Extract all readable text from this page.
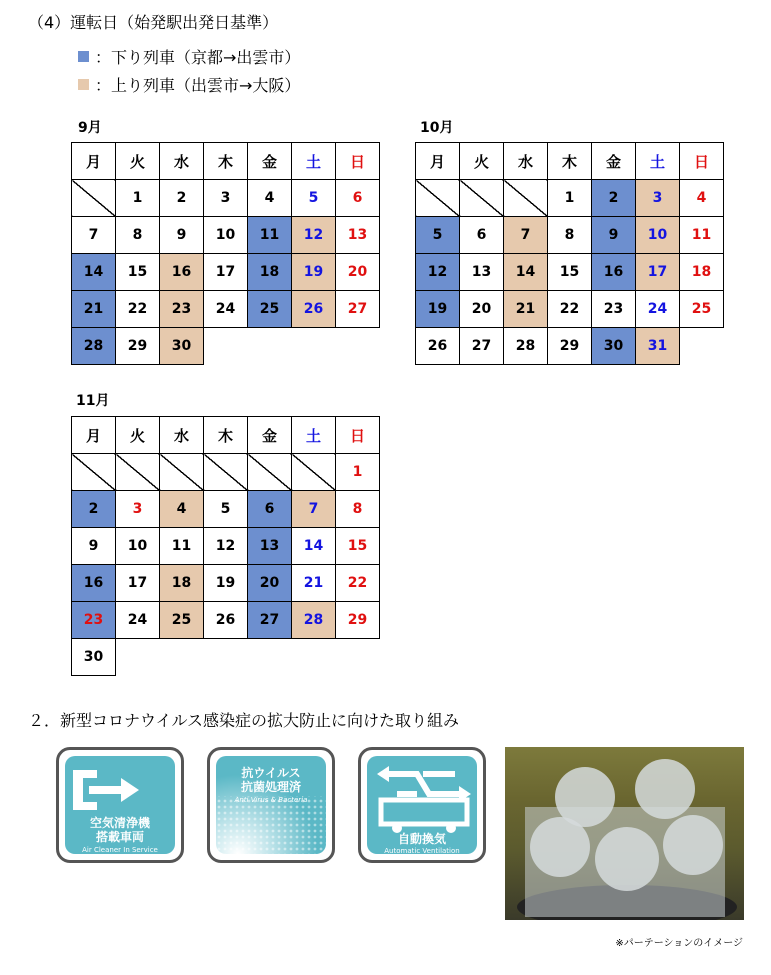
（4）運転日（始発駅出発日基準）
：下り列車（京都→出雲市）
：上り列車（出雲市→大阪）
9月
月	火	水	木	金	土	日
	1	2	3	4	5	6
7	8	9	10	11	12	13
14	15	16	17	18	19	20
21	22	23	24	25	26	27
28	29	30				
10月
月	火	水	木	金	土	日
			1	2	3	4
5	6	7	8	9	10	11
12	13	14	15	16	17	18
19	20	21	22	23	24	25
26	27	28	29	30	31	
11月
月	火	水	木	金	土	日
						1
2	3	4	5	6	7	8
9	10	11	12	13	14	15
16	17	18	19	20	21	22
23	24	25	26	27	28	29
30						
２．新型コロナウイルス感染症の拡大防止に向けた取り組み
空気清浄機
搭載車両
Air Cleaner In Service
抗ウイルス
抗菌処理済
Anti Virus & Bacteria
自動換気
Automatic Ventilation
※パーテーションのイメージ
